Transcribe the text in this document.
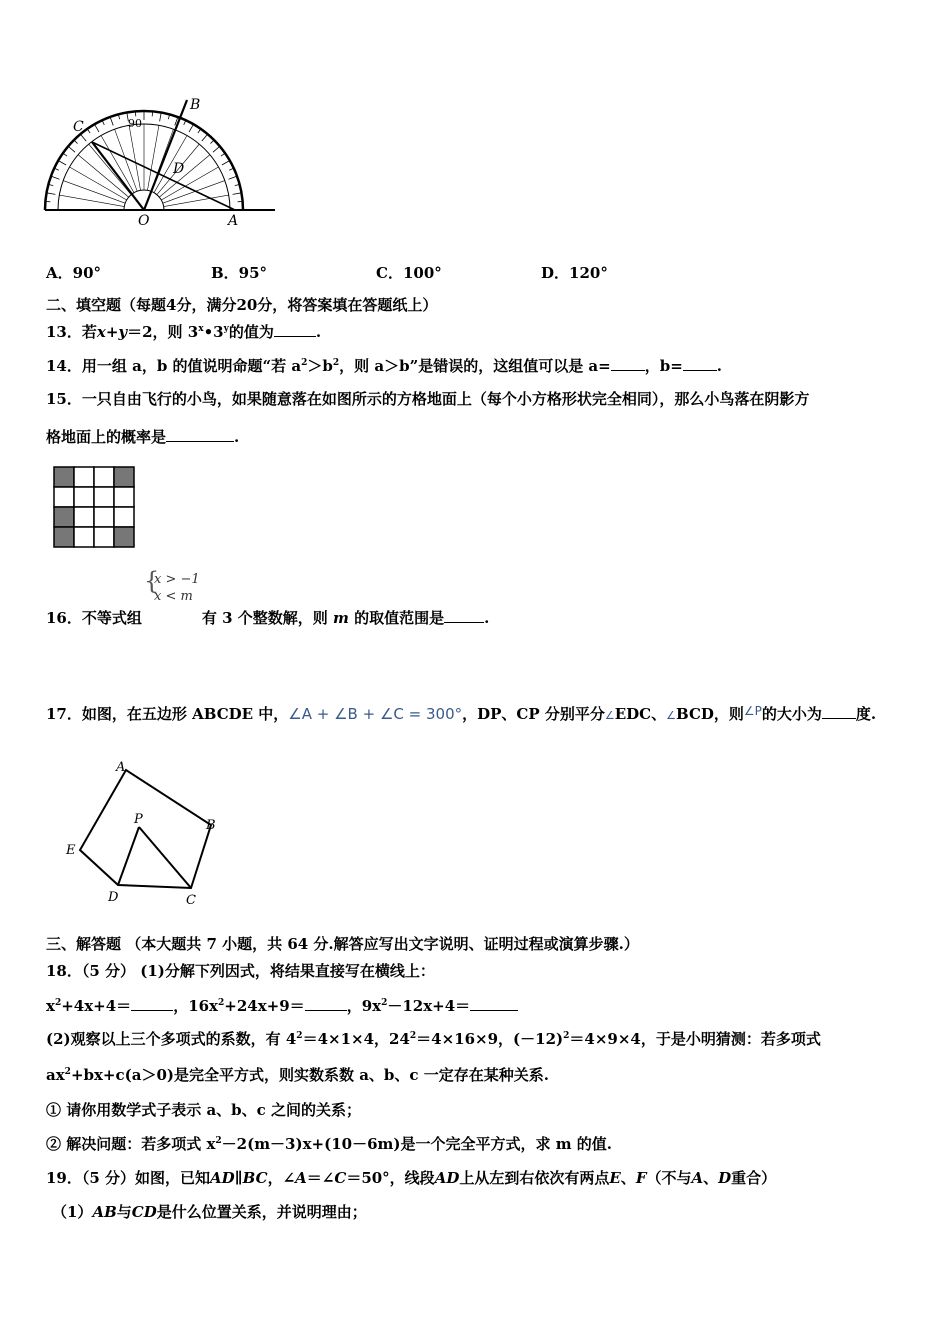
90
B
C
D
O	A
A．90°	B．95°	C．100°	D．120°
二、填空题（每题4分，满分20分，将答案填在答题纸上）
13．若x+y＝2，则 3$^x$•3$^y$的值为	.
14．用一组 a，b 的值说明命题“若 $a^2>b^2$，则 a＞b”是错误的，这组值可以是 a= ，b= .
15．一只自由飞行的小鸟，如果随意落在如图所示的方格地面上（每个小方格形状完全相同），那么小鸟落在阴影方
格地面上的概率是	.
{
x > −1
x < m
16．不等式组	有 3 个整数解，则 m 的取值范围是	.
17．如图，在五边形 ABCDE 中，∠A + ∠B + ∠C = 300°，DP、CP 分别平分∠EDC、∠BCD，则$^{\angle P}$的大小为 度.
A
B
C
D
E
P
三、解答题 （本大题共 7 小题，共 64 分.解答应写出文字说明、证明过程或演算步骤.）
18．（5 分） (1)分解下列因式，将结果直接写在横线上：
$x^2+4x+4=$	，$16x^2+24x+9=$	，$9x^2-12x+4=$
(2)观察以上三个多项式的系数，有 $4^2=4\times 1\times 4$，$24^2=4\times 16\times 9$，$(-12)^2=4\times 9\times 4$，于是小明猜测：若多项式
$ax^2+bx+c(a>0)$是完全平方式，则实数系数 a、b、c 一定存在某种关系.
① 请你用数学式子表示 a、b、c 之间的关系；
② 解决问题：若多项式 $x^2-2(m-3)x+(10-6m)$是一个完全平方式，求 m 的值.
19．（5 分）如图，已知AD∥BC，∠A＝∠C＝50°，线段AD上从左到右依次有两点E、F（不与A、D重合）
（1）AB与CD是什么位置关系，并说明理由；
